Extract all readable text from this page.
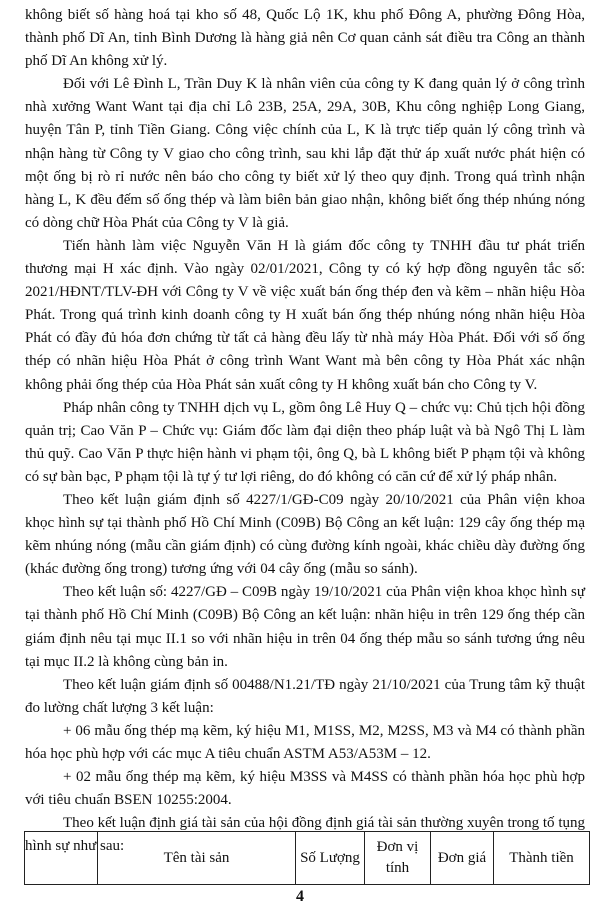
không biết số hàng hoá tại kho số 48, Quốc Lộ 1K, khu phố Đông A, phường Đông Hòa, thành phố Dĩ An, tỉnh Bình Dương là hàng giả nên Cơ quan cảnh sát điều tra Công an thành phố Dĩ An không xử lý.

Đối với Lê Đình L, Trần Duy K là nhân viên của công ty K đang quản lý ở công trình nhà xưởng Want Want tại địa chỉ Lô 23B, 25A, 29A, 30B, Khu công nghiệp Long Giang, huyện Tân P, tỉnh Tiền Giang. Công việc chính của L, K là trực tiếp quản lý công trình và nhận hàng từ Công ty V giao cho công trình, sau khi lắp đặt thử áp xuất nước phát hiện có một ống bị rò rỉ nước nên báo cho công ty biết xử lý theo quy định. Trong quá trình nhận hàng L, K đều đếm số ống thép và làm biên bản giao nhận, không biết ống thép nhúng nóng có dòng chữ Hòa Phát của Công ty V là giả.

Tiến hành làm việc Nguyễn Văn H là giám đốc công ty TNHH đầu tư phát triển thương mại H xác định. Vào ngày 02/01/2021, Công ty có ký hợp đồng nguyên tắc số: 2021/HĐNT/TLV-ĐH với Công ty V về việc xuất bán ống thép đen và kẽm – nhãn hiệu Hòa Phát. Trong quá trình kinh doanh công ty H xuất bán ống thép nhúng nóng nhãn hiệu Hòa Phát có đầy đủ hóa đơn chứng từ tất cả hàng đều lấy từ nhà máy Hòa Phát. Đối với số ống thép có nhãn hiệu Hòa Phát ở công trình Want Want mà bên công ty Hòa Phát xác nhận không phải ống thép của Hòa Phát sản xuất công ty H không xuất bán cho Công ty V.

Pháp nhân công ty TNHH dịch vụ L, gồm ông Lê Huy Q – chức vụ: Chủ tịch hội đồng quản trị; Cao Văn P – Chức vụ: Giám đốc làm đại diện theo pháp luật và bà Ngô Thị L làm thủ quỹ. Cao Văn P thực hiện hành vi phạm tội, ông Q, bà L không biết P phạm tội và không có sự bàn bạc, P phạm tội là tự ý tư lợi riêng, do đó không có căn cứ để xử lý pháp nhân.

Theo kết luận giám định số 4227/1/GĐ-C09 ngày 20/10/2021 của Phân viện khoa khọc hình sự tại thành phố Hồ Chí Minh (C09B) Bộ Công an kết luận: 129 cây ống thép mạ kẽm nhúng nóng (mẫu cần giám định) có cùng đường kính ngoài, khác chiều dày đường ống (khác đường ống trong) tương ứng với 04 cây ống (mẫu so sánh).

Theo kết luận số: 4227/GĐ – C09B ngày 19/10/2021 của Phân viện khoa khọc hình sự tại thành phố Hồ Chí Minh (C09B) Bộ Công an kết luận: nhãn hiệu in trên 129 ống thép cần giám định nêu tại mục II.1 so với nhãn hiệu in trên 04 ống thép mẫu so sánh tương ứng nêu tại mục II.2 là không cùng bản in.

Theo kết luận giám định số 00488/N1.21/TĐ ngày 21/10/2021 của Trung tâm kỹ thuật đo lường chất lượng 3 kết luận:

+ 06 mẫu ống thép mạ kẽm, ký hiệu M1, M1SS, M2, M2SS, M3 và M4 có thành phần hóa học phù hợp với các mục A tiêu chuẩn ASTM A53/A53M – 12.

+ 02 mẫu ống thép mạ kẽm, ký hiệu M3SS và M4SS có thành phần hóa học phù hợp với tiêu chuẩn BSEN 10255:2004.

Theo kết luận định giá tài sản của hội đồng định giá tài sản thường xuyên trong tố tụng hình sự như sau:

	Tên tài sản	Số Lượng	Đơn vị tính	Đơn giá	Thành tiền
4
